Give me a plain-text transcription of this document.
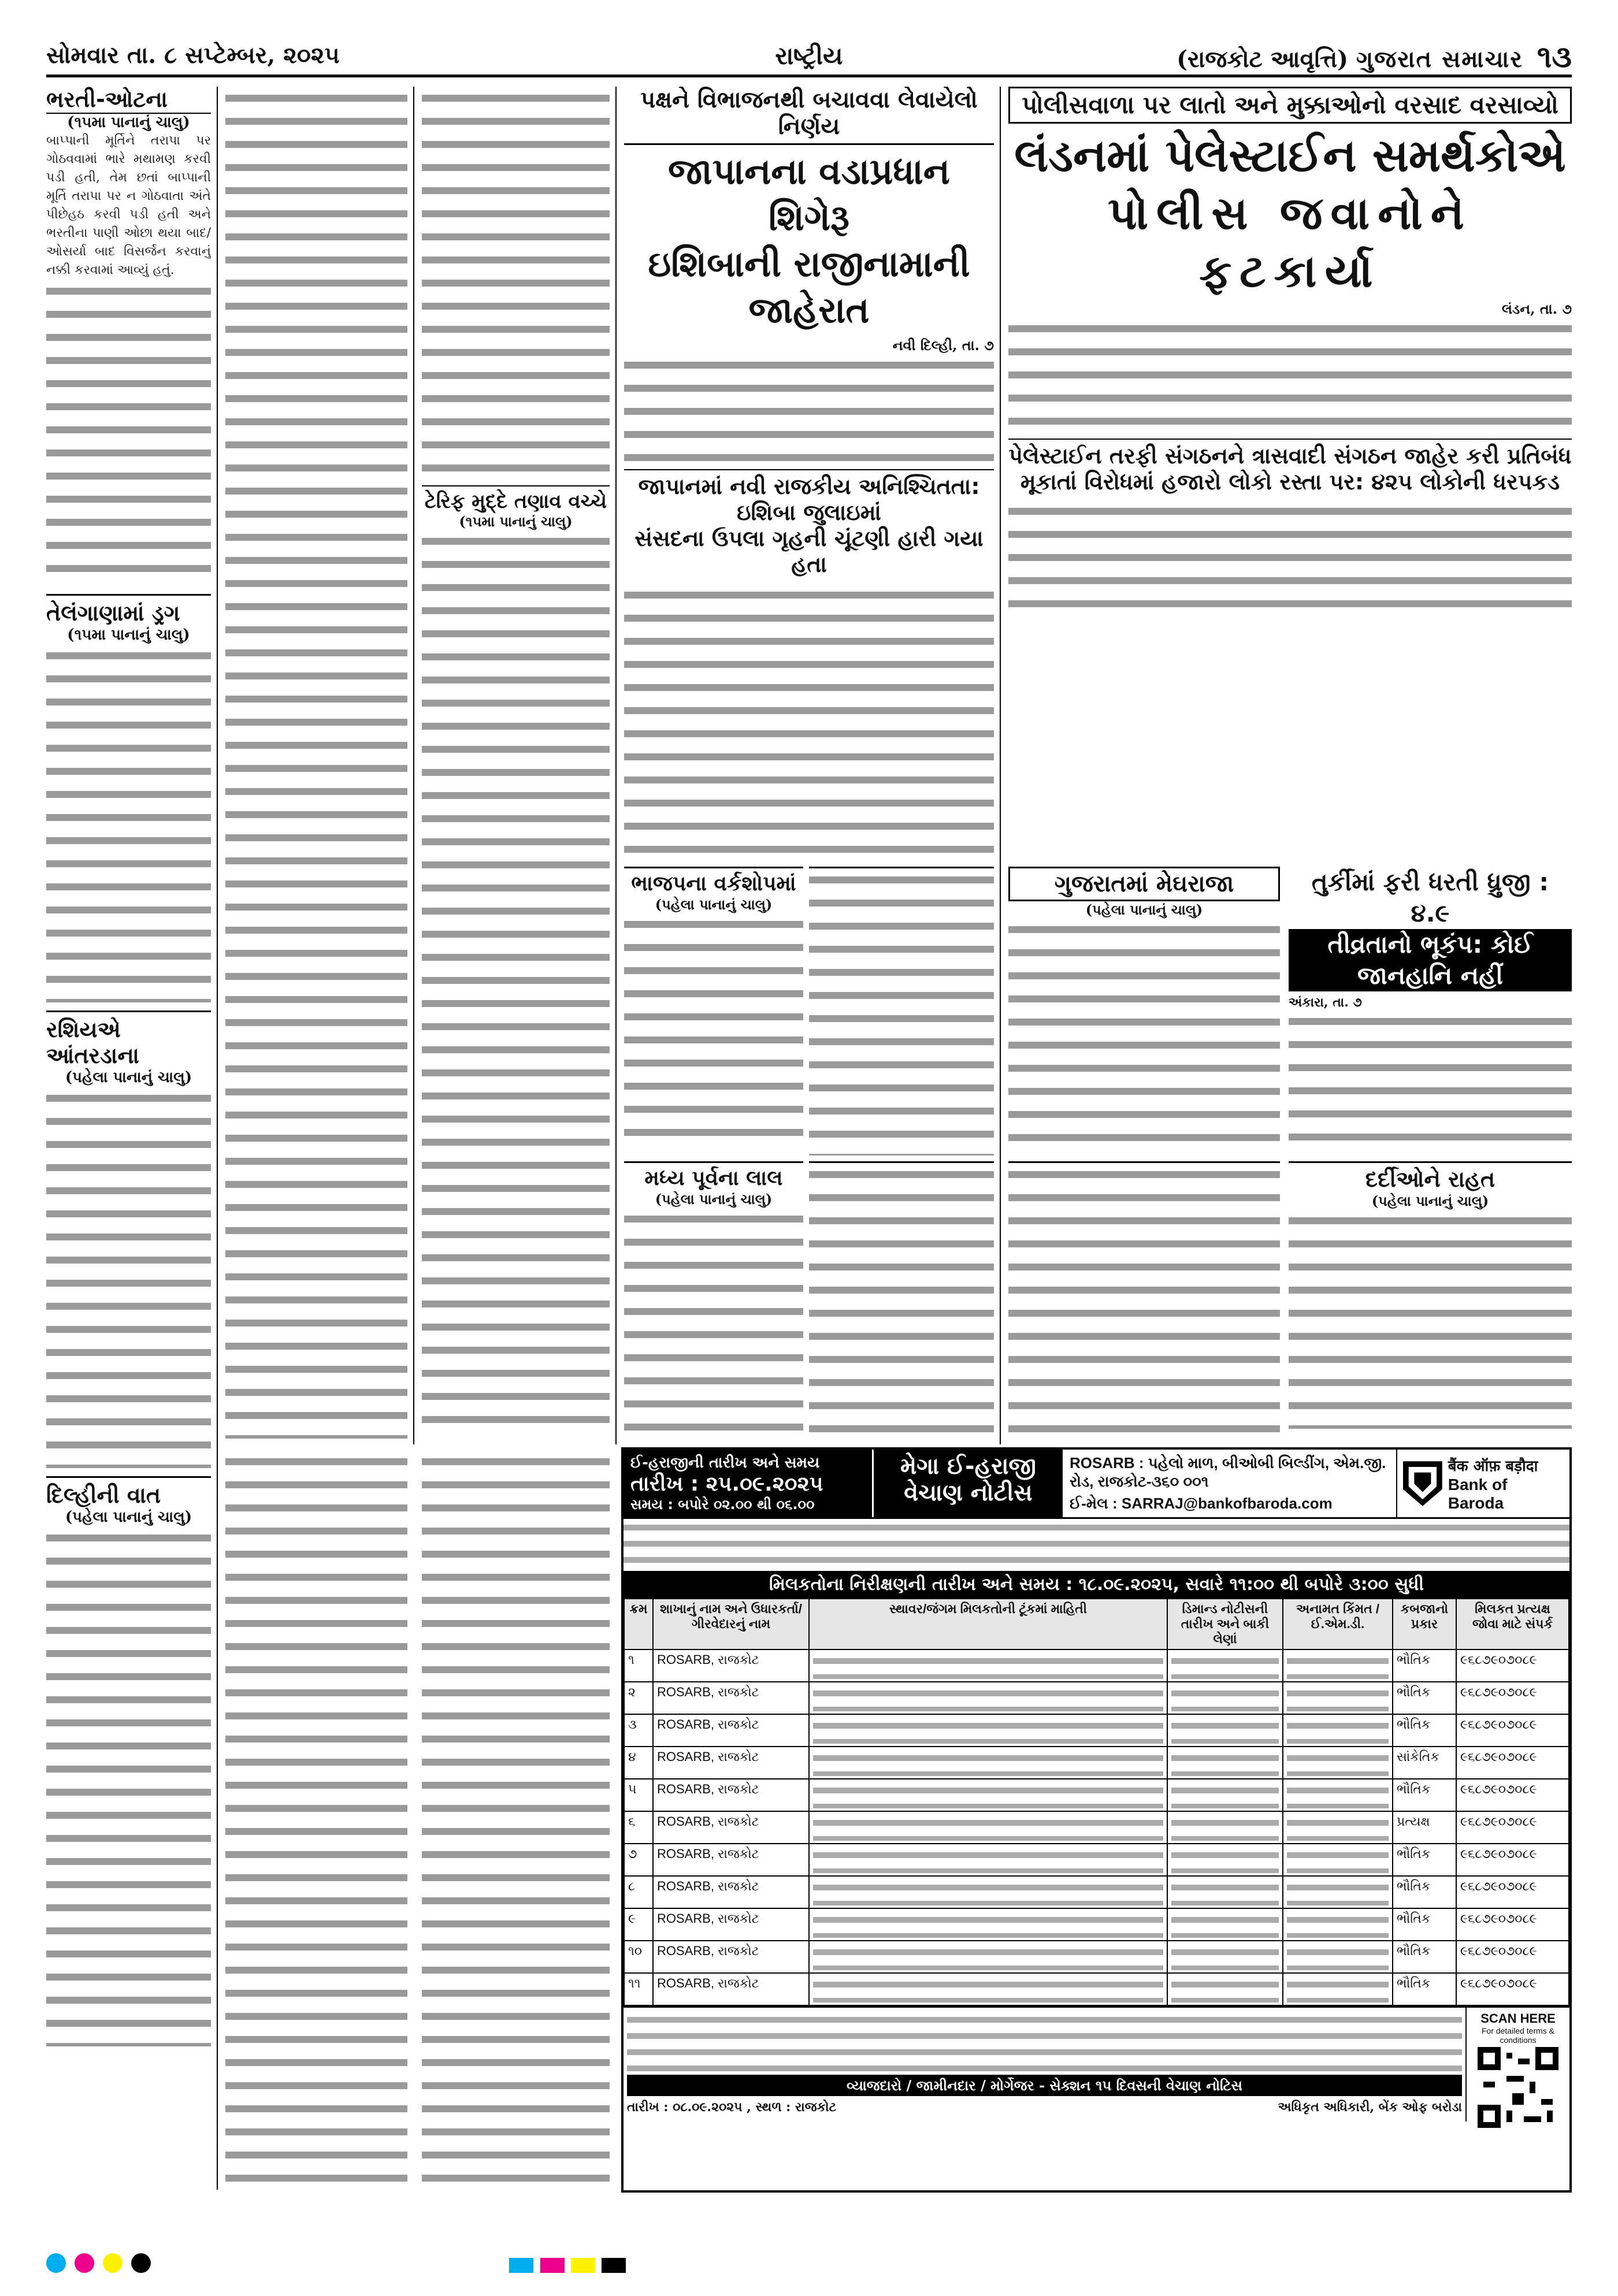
સોમવાર તા. ૮ સપ્ટેમ્બર, ૨૦૨૫	રાષ્ટ્રીય	(રાજકોટ આવૃત્તિ) ગુજરાત સમાચાર ૧૩
ભરતી-ઓટના
(૧૫મા પાનાનું ચાલુ)
બાપ્પાની મૂર્તિને તરાપા પર ગોઠવવામાં ભારે મથામણ કરવી પડી હતી, તેમ છતાં બાપ્પાની મૂર્તિ તરાપા પર ન ગોઠવાતા અંતે પીછેહઠ કરવી પડી હતી અને ભરતીના પાણી ઓછા થયા બાદ/ઓસર્યા બાદ વિસર્જન કરવાનું નક્કી કરવામાં આવ્યું હતું.
તેલંગાણામાં ડ્રગ
(૧૫મા પાનાનું ચાલુ)
રશિયએ આંતરડાના
(પહેલા પાનાનું ચાલુ)
દિલ્હીની વાત
(પહેલા પાનાનું ચાલુ)
ટેરિફ મુદ્દે તણાવ વચ્ચે
(૧૫મા પાનાનું ચાલુ)
પક્ષને વિભાજનથી બચાવવા લેવાયેલો નિર્ણય
જાપાનના વડાપ્રધાન શિગેરૂ
ઇશિબાની રાજીનામાની જાહેરાત
નવી દિલ્હી, તા. ૭
જાપાનમાં નવી રાજકીય અનિશ્ચિતતા: ઇશિબા જુલાઇમાં
સંસદના ઉપલા ગૃહની ચૂંટણી હારી ગયા હતા
ભાજપના વર્કશોપમાં
(પહેલા પાનાનું ચાલુ)
મધ્ય પૂર્વના લાલ
(પહેલા પાનાનું ચાલુ)
પોલીસવાળા પર લાતો અને મુક્કાઓનો વરસાદ વરસાવ્યો
લંડનમાં પેલેસ્ટાઈન સમર્થકોએ
પોલીસ જવાનોને ફટકાર્યા
લંડન, તા. ૭
પેલેસ્ટાઈન તરફી સંગઠનને ત્રાસવાદી સંગઠન જાહેર કરી પ્રતિબંધ
મૂકાતાં વિરોધમાં હજારો લોકો રસ્તા પર: ૪૨૫ લોકોની ધરપકડ
ગુજરાતમાં મેઘરાજા
(પહેલા પાનાનું ચાલુ)
તુર્કીમાં ફરી ધરતી ધ્રુજી : ૪.૯
તીવ્રતાનો ભૂકંપ: કોઈ જાનહાનિ નહીં
અંકારા, તા. ૭
દર્દીઓને રાહત
(પહેલા પાનાનું ચાલુ)
ઈ-હરાજીની તારીખ અને સમય
તારીખ : ૨૫.૦૯.૨૦૨૫
સમય : બપોરે ૦૨.૦૦ થી ૦૬.૦૦
મેગા ઈ-હરાજી
વેચાણ નોટીસ
ROSARB : પહેલો માળ, બીઓબી બિલ્ડીંગ, એમ.જી. રોડ, રાજકોટ-૩૬૦ ૦૦૧
ઈ-મેલ : SARRAJ@bankofbaroda.com
बैंक ऑफ़ बड़ौदा
Bank of Baroda
મિલકતોના નિરીક્ષણની તારીખ અને સમય : ૧૮.૦૯.૨૦૨૫, સવારે ૧૧:૦૦ થી બપોરે ૩:૦૦ સુધી
ક્રમ	શાખાનું નામ અને ઉધારકર્તા/ગીરવેદારનું નામ	સ્થાવર/જંગમ મિલકતોની ટૂંકમાં માહિતી	ડિમાન્ડ નોટીસની તારીખ અને બાકી લેણાં	અનામત કિંમત / ઈ.એમ.ડી.	કબજાનો પ્રકાર	મિલકત પ્રત્યક્ષ જોવા માટે સંપર્ક
૧	ROSARB, રાજકોટ				ભૌતિક	૯૬૮૭૯૦૭૦૮૯
૨	ROSARB, રાજકોટ				ભૌતિક	૯૬૮૭૯૦૭૦૮૯
૩	ROSARB, રાજકોટ				ભૌતિક	૯૬૮૭૯૦૭૦૮૯
૪	ROSARB, રાજકોટ				સાંકેતિક	૯૬૮૭૯૦૭૦૮૯
૫	ROSARB, રાજકોટ				ભૌતિક	૯૬૮૭૯૦૭૦૮૯
૬	ROSARB, રાજકોટ				પ્રત્યક્ષ	૯૬૮૭૯૦૭૦૮૯
૭	ROSARB, રાજકોટ				ભૌતિક	૯૬૮૭૯૦૭૦૮૯
૮	ROSARB, રાજકોટ				ભૌતિક	૯૬૮૭૯૦૭૦૮૯
૯	ROSARB, રાજકોટ				ભૌતિક	૯૬૮૭૯૦૭૦૮૯
૧૦	ROSARB, રાજકોટ				ભૌતિક	૯૬૮૭૯૦૭૦૮૯
૧૧	ROSARB, રાજકોટ				ભૌતિક	૯૬૮૭૯૦૭૦૮૯
વ્યાજદારો / જામીનદાર / મોર્ગેજર - સેક્શન ૧૫ દિવસની વેચાણ નોટિસ
તારીખ : ૦૮.૦૯.૨૦૨૫ , સ્થળ : રાજકોટ	અધિકૃત અધિકારી, બેંક ઓફ બરોડા
SCAN HERE
For detailed terms & conditions
